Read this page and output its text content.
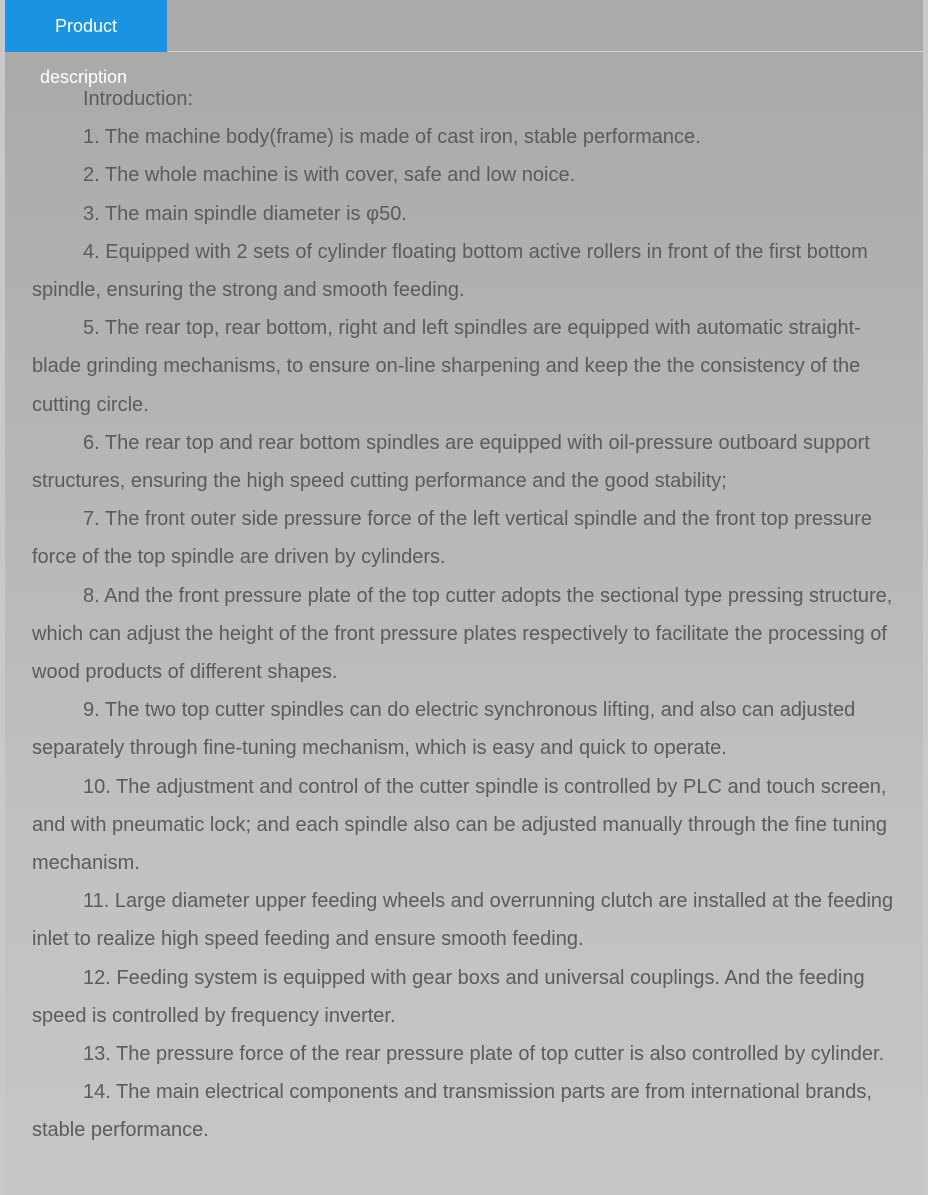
Product
description

Introduction:

1. The machine body(frame) is made of cast iron, stable performance.

2. The whole machine is with cover, safe and low noice.

3. The main spindle diameter is φ50.

4. Equipped with 2 sets of cylinder floating bottom active rollers in front of the first bottom spindle, ensuring the strong and smooth feeding.

5. The rear top, rear bottom, right and left spindles are equipped with automatic straight-blade grinding mechanisms, to ensure on-line sharpening and keep the the consistency of the cutting circle.

6. The rear top and rear bottom spindles are equipped with oil-pressure outboard support structures, ensuring the high speed cutting performance and the good stability;

7. The front outer side pressure force of the left vertical spindle and the front top pressure force of the top spindle are driven by cylinders.

8. And the front pressure plate of the top cutter adopts the sectional type pressing structure, which can adjust the height of the front pressure plates respectively to facilitate the processing of wood products of different shapes.

9. The two top cutter spindles can do electric synchronous lifting, and also can adjusted separately through fine-tuning mechanism, which is easy and quick to operate.

10. The adjustment and control of the cutter spindle is controlled by PLC and touch screen, and with pneumatic lock; and each spindle also can be adjusted manually through the fine tuning mechanism.

11. Large diameter upper feeding wheels and overrunning clutch are installed at the feeding inlet to realize high speed feeding and ensure smooth feeding.

12. Feeding system is equipped with gear boxs and universal couplings. And the feeding speed is controlled by frequency inverter.

13. The pressure force of the rear pressure plate of top cutter is also controlled by cylinder.

14. The main electrical components and transmission parts are from international brands, stable performance.
